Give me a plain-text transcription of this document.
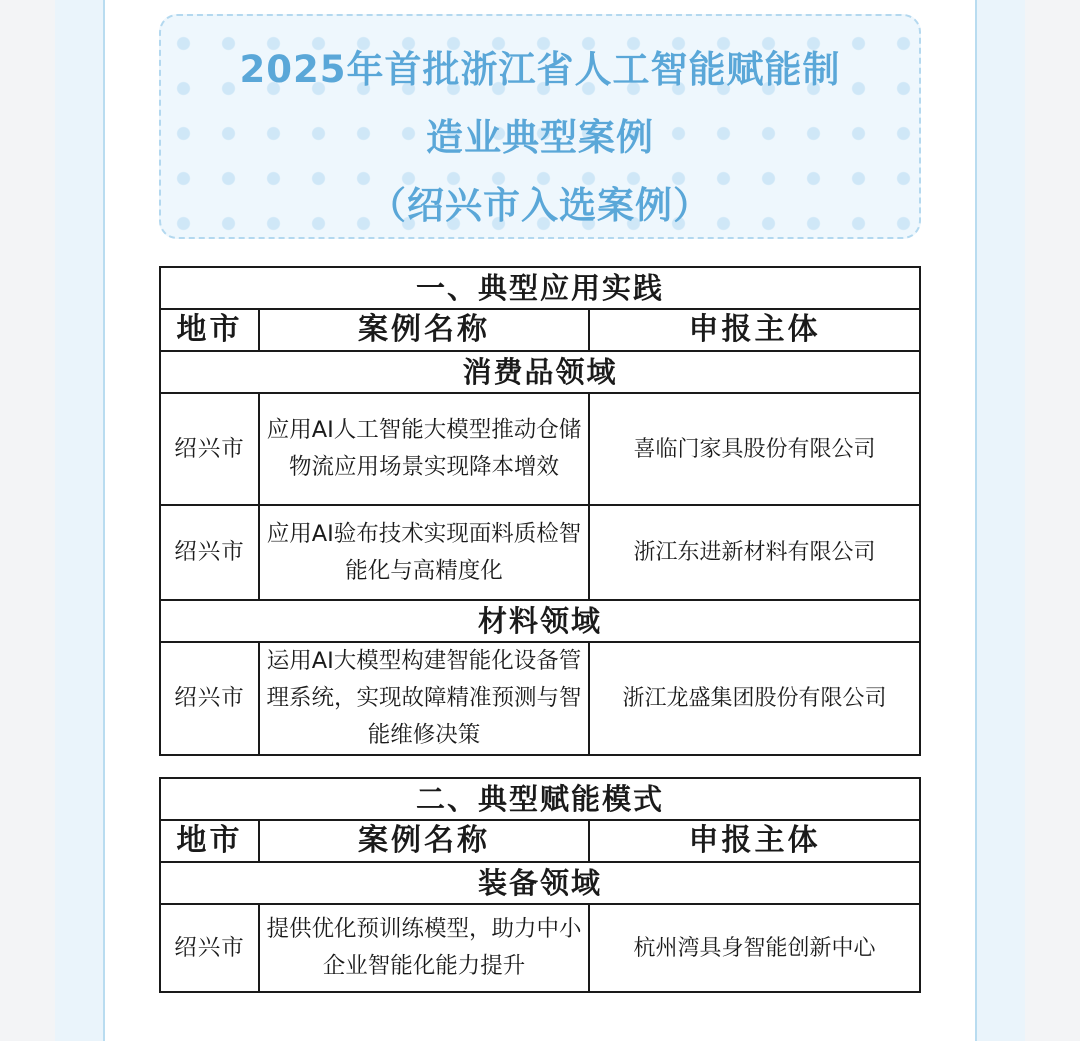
2025年首批浙江省人工智能赋能制
造业典型案例
（绍兴市入选案例）
一、典型应用实践		
地市	案例名称	申报主体
消费品领域		
绍兴市	应用AI人工智能大模型推动仓储物流应用场景实现降本增效	喜临门家具股份有限公司
绍兴市	应用AI验布技术实现面料质检智能化与高精度化	浙江东进新材料有限公司
材料领域		
绍兴市	运用AI大模型构建智能化设备管理系统，实现故障精准预测与智能维修决策	浙江龙盛集团股份有限公司
二、典型赋能模式		
地市	案例名称	申报主体
装备领域		
绍兴市	提供优化预训练模型，助力中小企业智能化能力提升	杭州湾具身智能创新中心
